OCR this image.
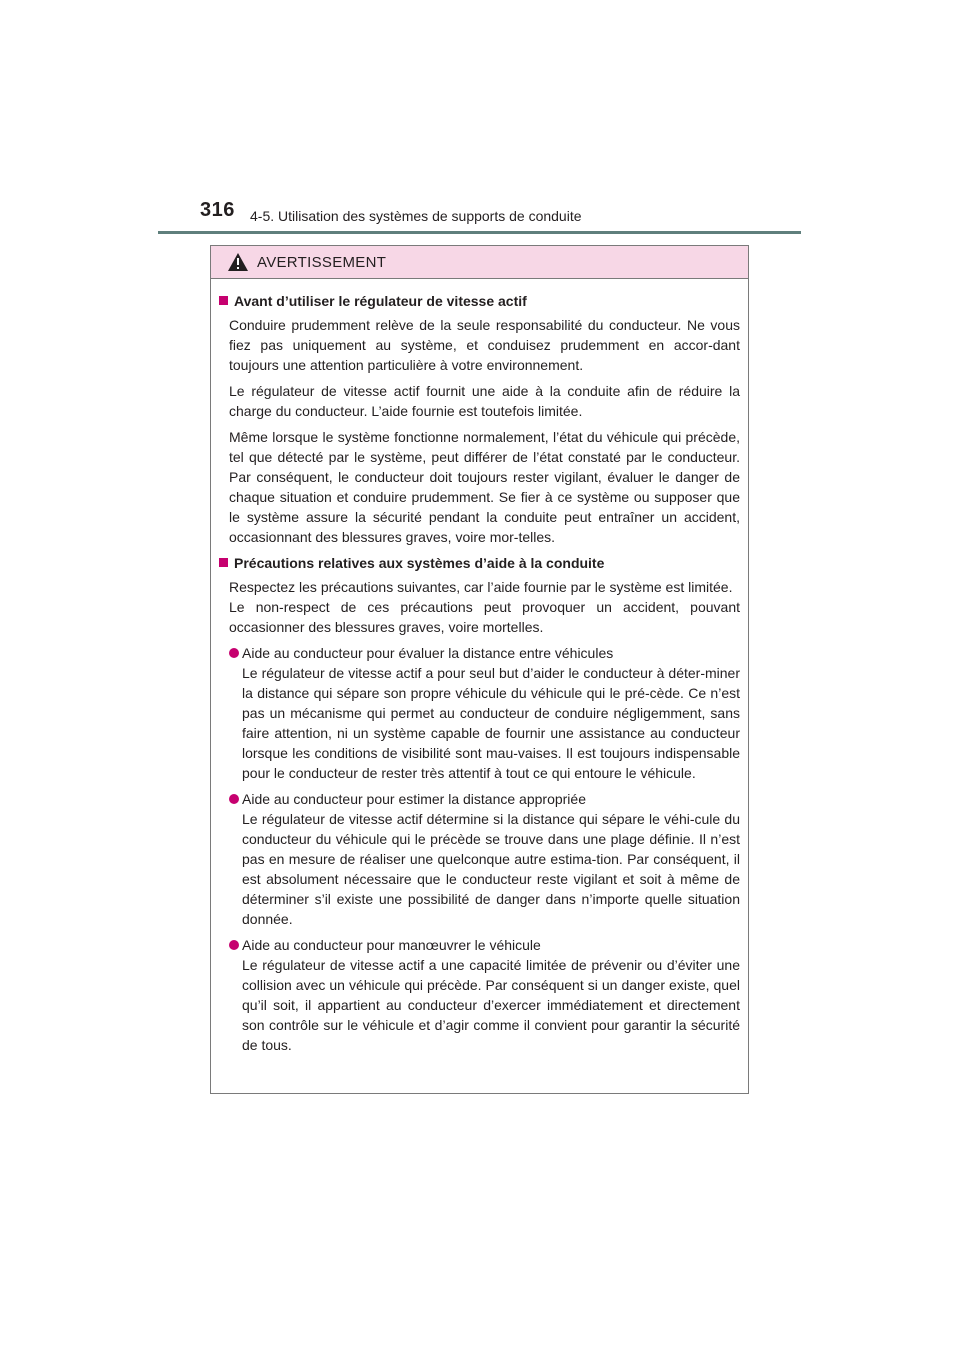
316 4-5. Utilisation des systèmes de supports de conduite
AVERTISSEMENT
Avant d’utiliser le régulateur de vitesse actif

Conduire prudemment relève de la seule responsabilité du conducteur. Ne vous fiez pas uniquement au système, et conduisez prudemment en accor-dant toujours une attention particulière à votre environnement.

Le régulateur de vitesse actif fournit une aide à la conduite afin de réduire la charge du conducteur. L’aide fournie est toutefois limitée.

Même lorsque le système fonctionne normalement, l’état du véhicule qui précède, tel que détecté par le système, peut différer de l’état constaté par le conducteur. Par conséquent, le conducteur doit toujours rester vigilant, évaluer le danger de chaque situation et conduire prudemment. Se fier à ce système ou supposer que le système assure la sécurité pendant la conduite peut entraîner un accident, occasionnant des blessures graves, voire mor-telles.

Précautions relatives aux systèmes d’aide à la conduite

Respectez les précautions suivantes, car l’aide fournie par le système est limitée.

Le non-respect de ces précautions peut provoquer un accident, pouvant occasionner des blessures graves, voire mortelles.

Aide au conducteur pour évaluer la distance entre véhicules
Le régulateur de vitesse actif a pour seul but d’aider le conducteur à déter-miner la distance qui sépare son propre véhicule du véhicule qui le pré-cède. Ce n’est pas un mécanisme qui permet au conducteur de conduire négligemment, sans faire attention, ni un système capable de fournir une assistance au conducteur lorsque les conditions de visibilité sont mau-vaises. Il est toujours indispensable pour le conducteur de rester très attentif à tout ce qui entoure le véhicule.
Aide au conducteur pour estimer la distance appropriée
Le régulateur de vitesse actif détermine si la distance qui sépare le véhi-cule du conducteur du véhicule qui le précède se trouve dans une plage définie. Il n’est pas en mesure de réaliser une quelconque autre estima-tion. Par conséquent, il est absolument nécessaire que le conducteur reste vigilant et soit à même de déterminer s’il existe une possibilité de danger dans n’importe quelle situation donnée.
Aide au conducteur pour manœuvrer le véhicule
Le régulateur de vitesse actif a une capacité limitée de prévenir ou d’éviter une collision avec un véhicule qui précède. Par conséquent si un danger existe, quel qu’il soit, il appartient au conducteur d’exercer immédiatement et directement son contrôle sur le véhicule et d’agir comme il convient pour garantir la sécurité de tous.
